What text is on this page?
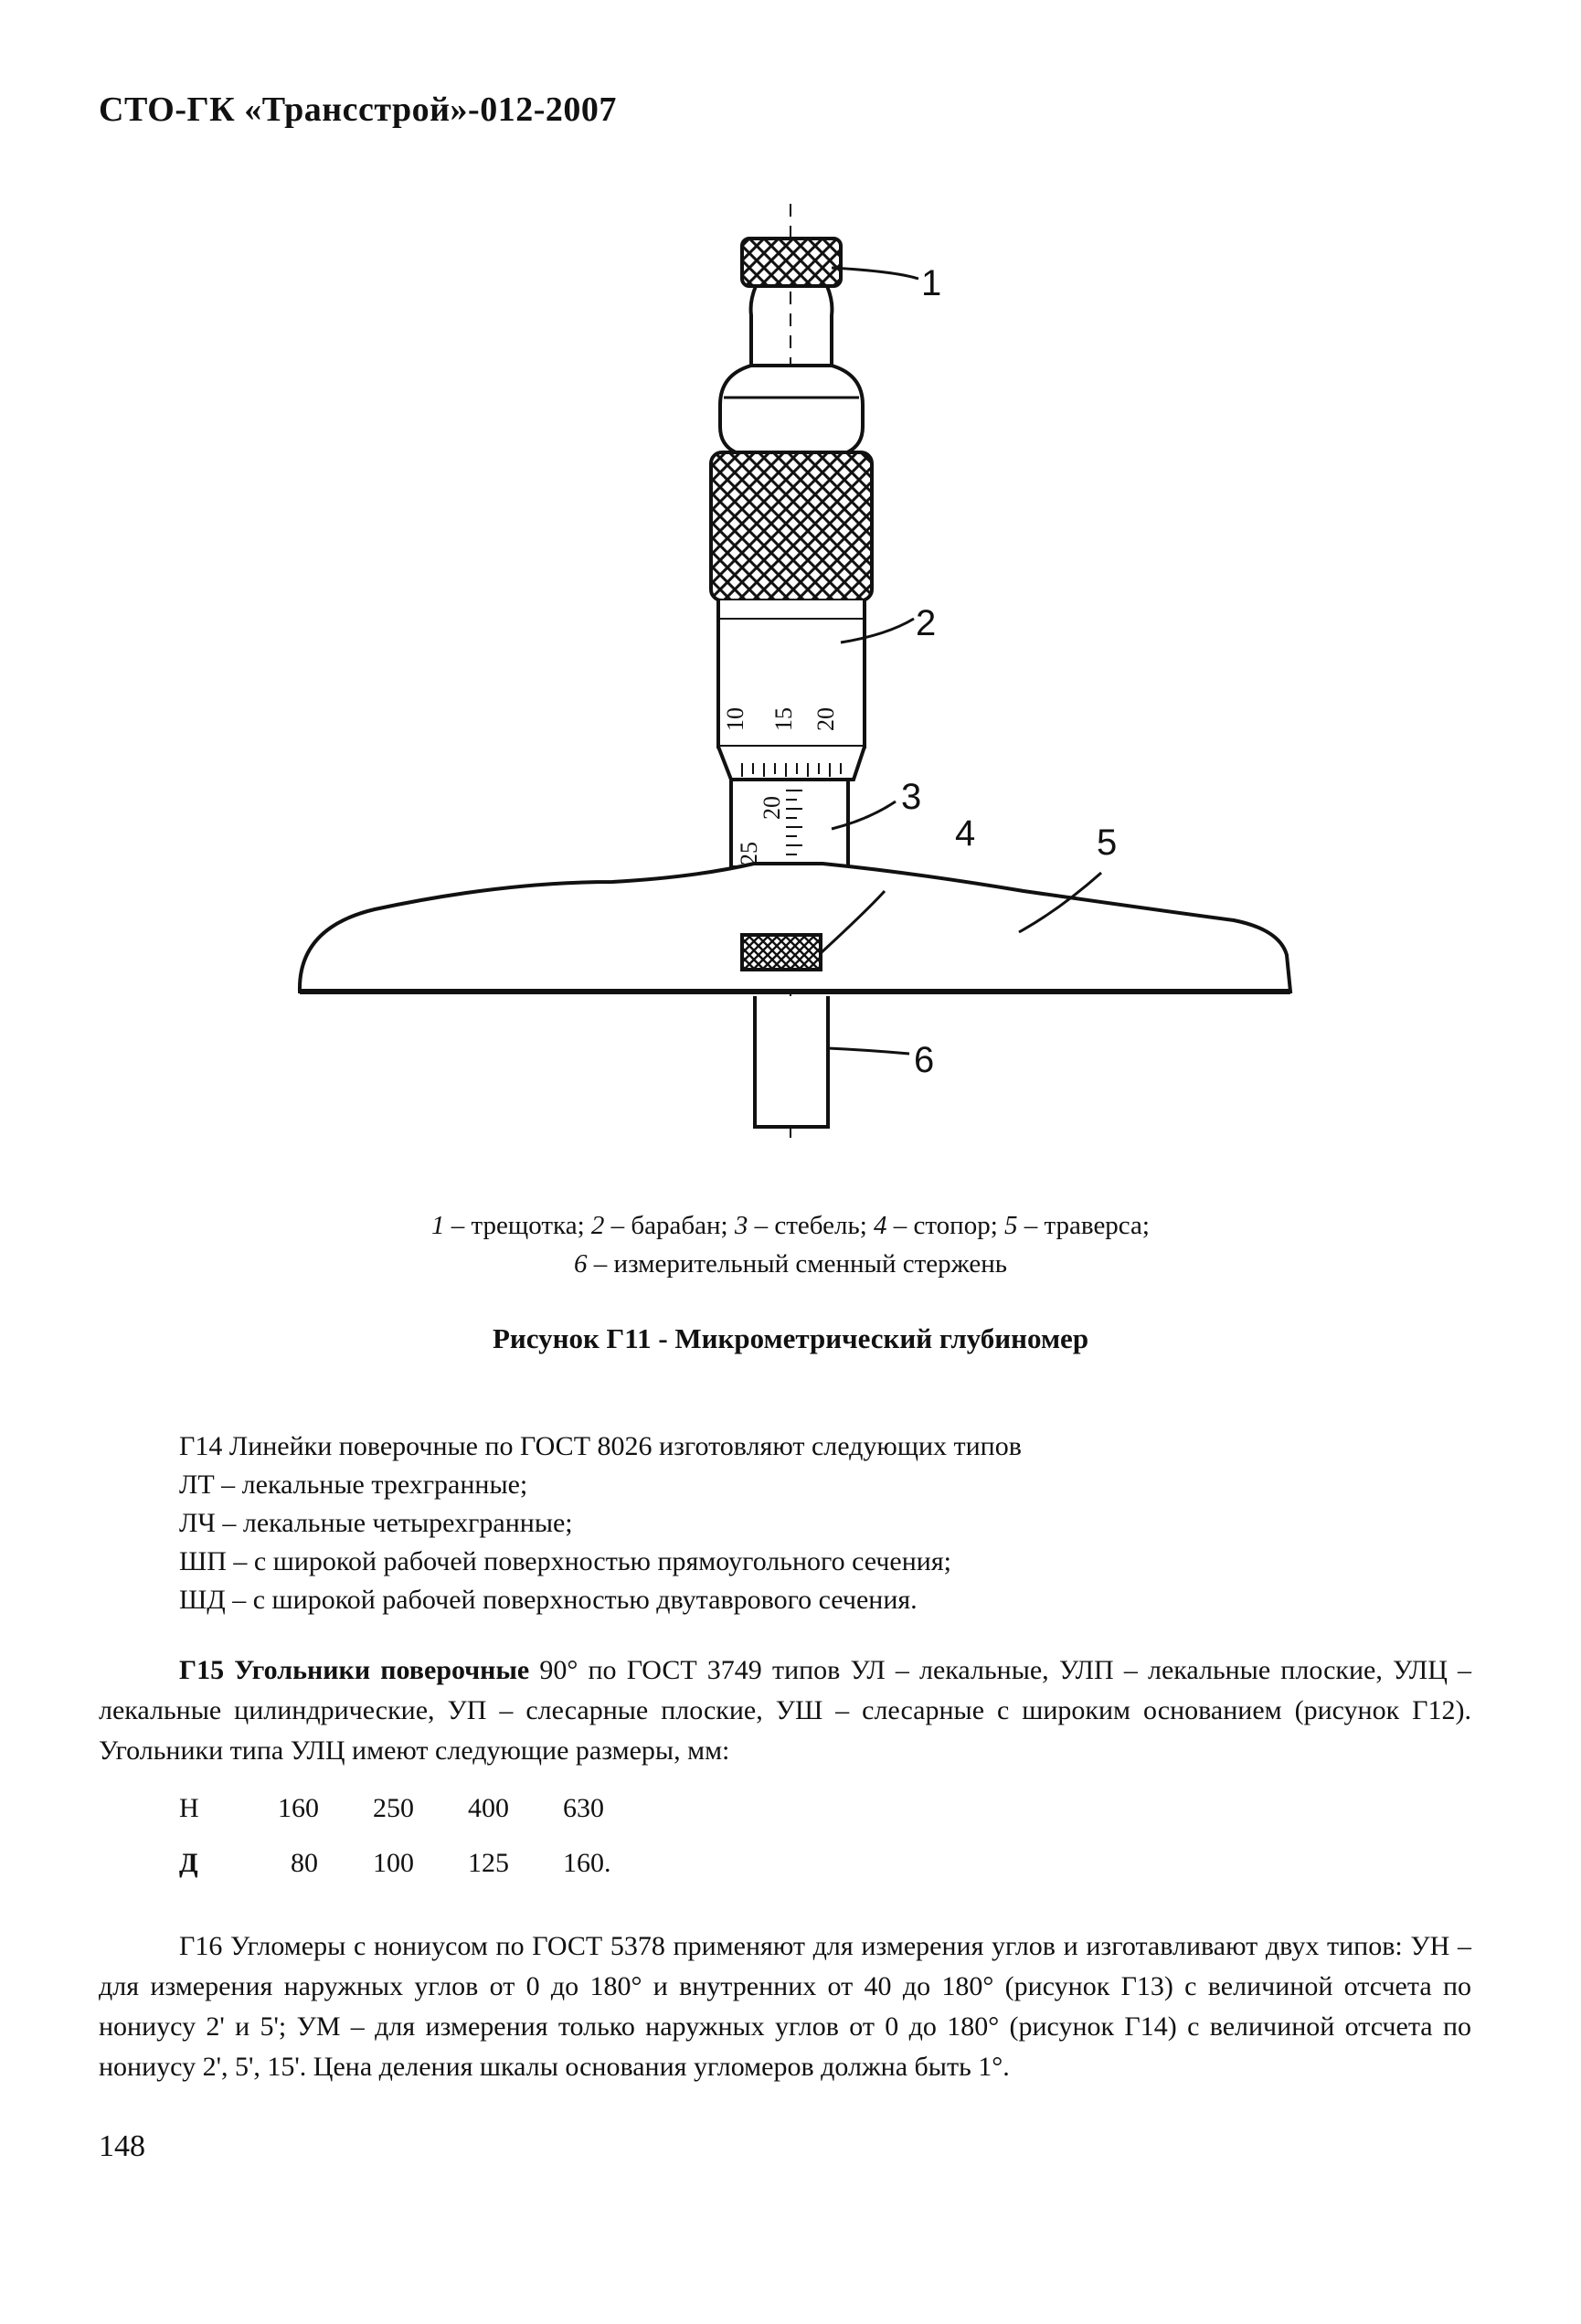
СТО-ГК «Трансстрой»-012-2007
10 15 20
25
20
1
2
3
4	5
6
1 – трещотка; 2 – барабан; 3 – стебель; 4 – стопор; 5 – траверса;
6 – измерительный сменный стержень
Рисунок Г11 - Микрометрический глубиномер
Г14 Линейки поверочные по ГОСТ 8026 изготовляют следующих типов
ЛТ – лекальные трехгранные;
ЛЧ – лекальные четырехгранные;
ШП – с широкой рабочей поверхностью прямоугольного сечения;
ШД – с широкой рабочей поверхностью двутаврового сечения.
Г15 Угольники поверочные 90° по ГОСТ 3749 типов УЛ – лекальные, УЛП – лекальные плоские, УЛЦ – лекальные цилиндрические, УП – слесарные плоские, УШ – слесарные с широким основанием (рисунок Г12). Угольники типа УЛЦ имеют следующие размеры, мм:
Н	160 250 400 630
Д	80 100 125 160.
Г16 Угломеры с нониусом по ГОСТ 5378 применяют для измерения углов и изготавливают двух типов: УН – для измерения наружных углов от 0 до 180° и внутренних от 40 до 180° (рисунок Г13) с величиной отсчета по нониусу 2' и 5'; УМ – для измерения только наружных углов от 0 до 180° (рисунок Г14) с величиной отсчета по нониусу 2', 5', 15'. Цена деления шкалы основания угломеров должна быть 1°.
148
